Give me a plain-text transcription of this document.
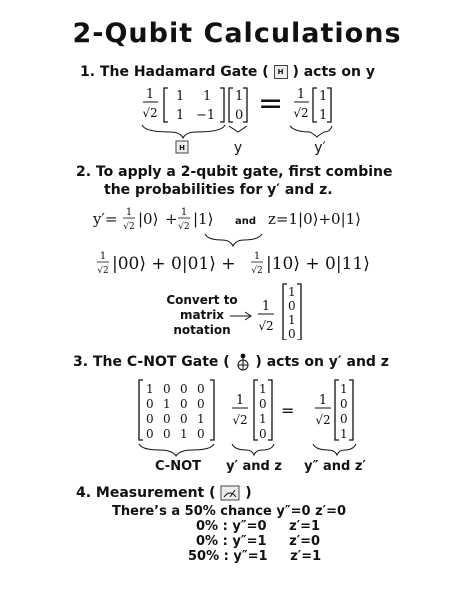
2-Qubit Calculations
1. The Hadamard Gate ( H ) acts on y
1
√2
1 1
1 −1
1
0 = 1
√2
1
1
H	y	y′
2. To apply a 2-qubit gate, first combine
the probabilities for y′ and z.
y′= 1
√2 |0⟩ + 1
√2 |1⟩ and z=1|0⟩+0|1⟩
1
√2 |00⟩ + 0|01⟩ + 1
√2 |10⟩ + 0|11⟩
Convert to
matrix
notation
1
√2
1
0
1
0
3. The C-NOT Gate ( ) acts on y′ and z
1 0 0 0
0 1 0 0
0 0 0 1
0 0 1 0
1
√2 =
1
√2
1
0
1
0
1
0
0
1
C-NOT y′ and z y″ and z′
4. Measurement ( )
There’s a 50% chance y″=0 z′=0
0% : y″=0     z′=1
0% : y″=1     z′=0
50% : y″=1     z′=1
